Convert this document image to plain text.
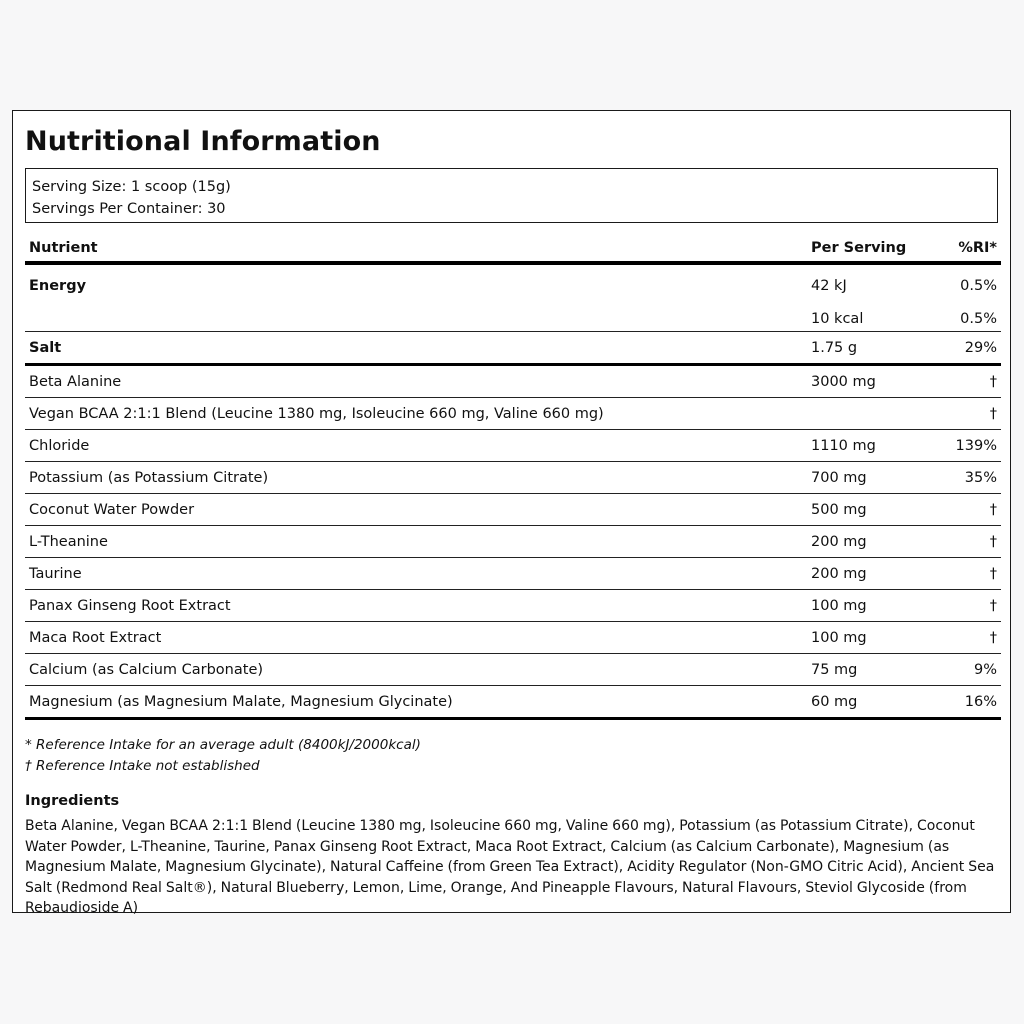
Nutritional Information
Serving Size: 1 scoop (15g)
Servings Per Container: 30
Nutrient	Per Serving	%RI*
Energy	42 kJ	0.5%
	10 kcal	0.5%
Salt	1.75 g	29%
Beta Alanine	3000 mg	†
Vegan BCAA 2:1:1 Blend (Leucine 1380 mg, Isoleucine 660 mg, Valine 660 mg)		†
Chloride	1110 mg	139%
Potassium (as Potassium Citrate)	700 mg	35%
Coconut Water Powder	500 mg	†
L-Theanine	200 mg	†
Taurine	200 mg	†
Panax Ginseng Root Extract	100 mg	†
Maca Root Extract	100 mg	†
Calcium (as Calcium Carbonate)	75 mg	9%
Magnesium (as Magnesium Malate, Magnesium Glycinate)	60 mg	16%
* Reference Intake for an average adult (8400kJ/2000kcal)
† Reference Intake not established
Ingredients
Beta Alanine, Vegan BCAA 2:1:1 Blend (Leucine 1380 mg, Isoleucine 660 mg, Valine 660 mg), Potassium (as Potassium Citrate), Coconut Water Powder, L-Theanine, Taurine, Panax Ginseng Root Extract, Maca Root Extract, Calcium (as Calcium Carbonate), Magnesium (as Magnesium Malate, Magnesium Glycinate), Natural Caffeine (from Green Tea Extract), Acidity Regulator (Non-GMO Citric Acid), Ancient Sea Salt (Redmond Real Salt®), Natural Blueberry, Lemon, Lime, Orange, And Pineapple Flavours, Natural Flavours, Steviol Glycoside (from Rebaudioside A)
